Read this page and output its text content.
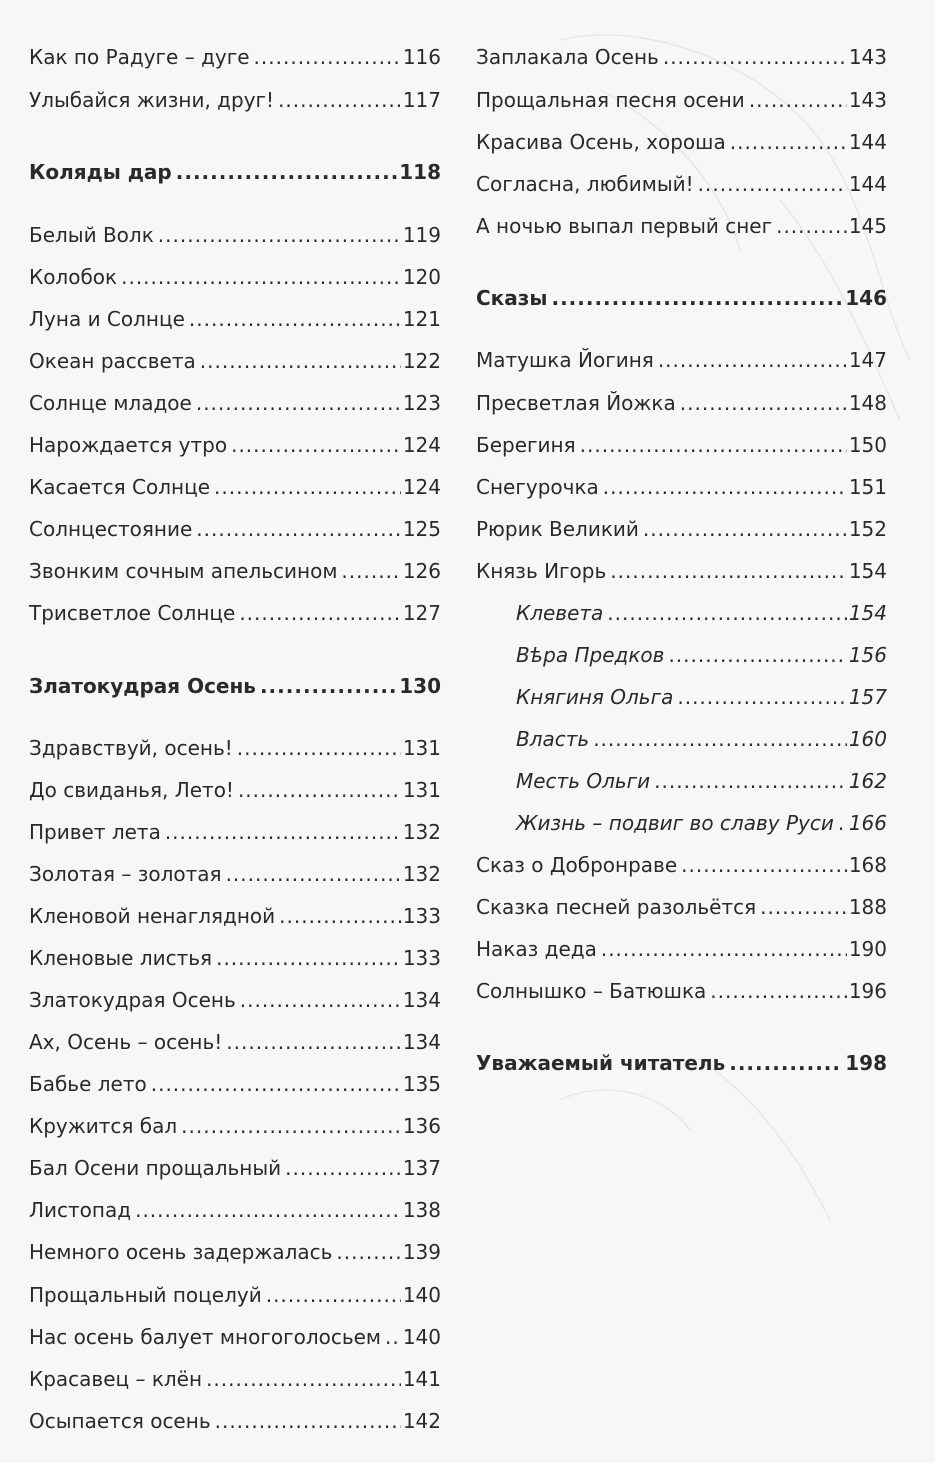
Как по Радуге – дуге .....	116
Улыбайся жизни, друг! .....	117
Коляды дар .....	118
Белый Волк .....	119
Колобок .....	120
Луна и Солнце .....	121
Океан рассвета .....	122
Солнце младое .....	123
Нарождается утро .....	124
Касается Солнце .....	124
Солнцестояние .....	125
Звонким сочным апельсином .....	126
Трисветлое Солнце .....	127
Златокудрая Осень .....	130
Здравствуй, осень! .....	131
До свиданья, Лето! .....	131
Привет лета .....	132
Золотая – золотая .....	132
Кленовой ненаглядной .....	133
Кленовые листья .....	133
Златокудрая Осень .....	134
Ах, Осень – осень! .....	134
Бабье лето .....	135
Кружится бал .....	136
Бал Осени прощальный .....	137
Листопад .....	138
Немного осень задержалась .....	139
Прощальный поцелуй .....	140
Нас осень балует многоголосьем ..... 140
Красавец – клён .....	141
Осыпается осень .....	142
Заплакала Осень .....	143
Прощальная песня осени .....	143
Красива Осень, хороша .....	144
Согласна, любимый! .....	144
А ночью выпал первый снег .....	145
Сказы .....	146
Матушка Йогиня .....	147
Пресветлая Йожка .....	148
Берегиня .....	150
Снегурочка .....	151
Рюрик Великий .....	152
Князь Игорь .....	154
Клевета .....	154
Вѣра Предков .....	156
Княгиня Ольга .....	157
Власть .....	160
Месть Ольги .....	162
Жизнь – подвиг во славу Руси ..... 166
Сказ о Добронраве .....	168
Сказка песней разольётся .....	188
Наказ деда .....	190
Солнышко – Батюшка .....	196
Уважаемый читатель .....	198
